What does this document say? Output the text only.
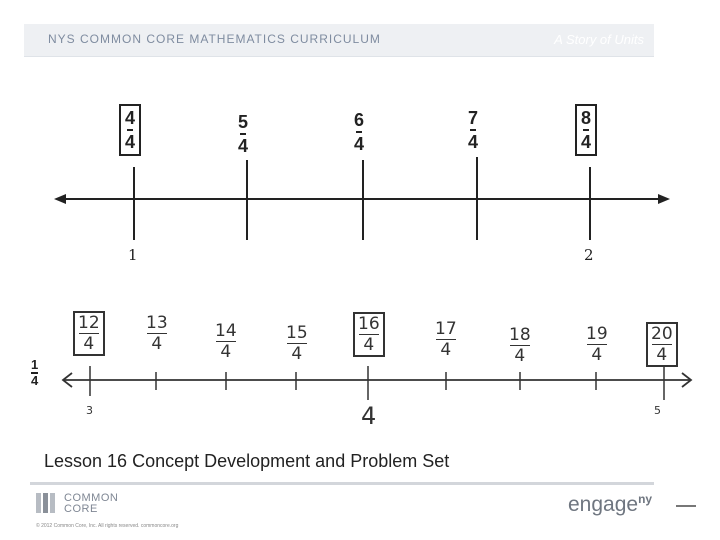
NYS COMMON CORE MATHEMATICS CURRICULUM	A Story of Units
4
4
5
4
6
4
7
4
8
4
1	2
1
4
12
4
13
4
14
4
15
4
16
4
17
4
18
4
19
4
20
4
3	4	5
Lesson 16 Concept Development and Problem Set
COMMON
CORE
© 2012 Common Core, Inc. All rights reserved. commoncore.org
engage$^{ny}$
